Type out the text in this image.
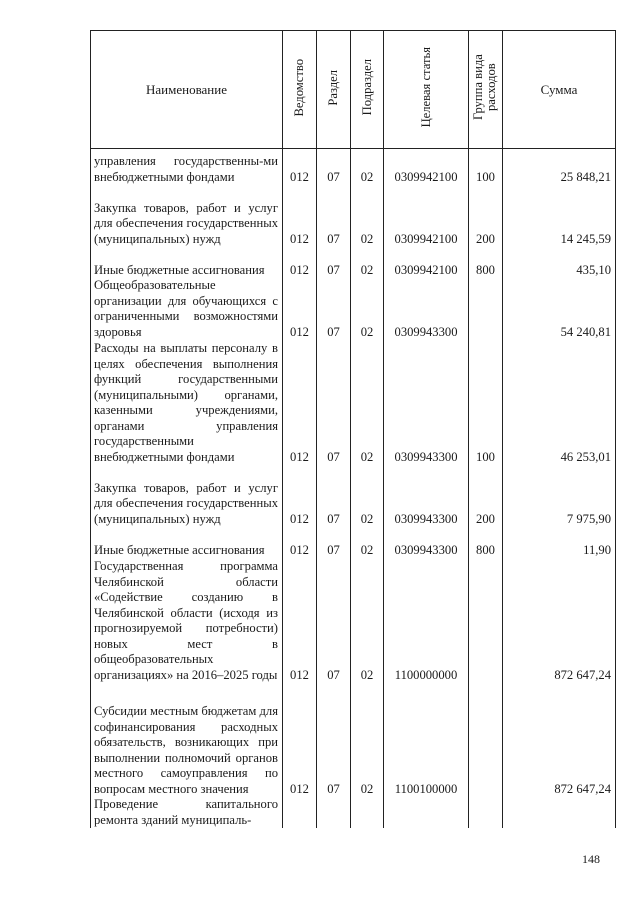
Наименование	Ведомство	Раздел	Подраздел	Целевая статья	Группа вида расходов	Сумма
управления государственны-ми внебюджетными фондами	012	07	02	0309942100	100	25 848,21
Закупка товаров, работ и услуг для обеспечения государственных (муниципальных) нужд	012	07	02	0309942100	200	14 245,59
Иные бюджетные ассигнования	012	07	02	0309942100	800	435,10
Общеобразовательные организации для обучающихся с ограниченными возможностями здоровья	012	07	02	0309943300		54 240,81
Расходы на выплаты персоналу в целях обеспечения выполнения функций государственными (муниципальными) органами, казенными учреждениями, органами управления государственными внебюджетными фондами	012	07	02	0309943300	100	46 253,01
Закупка товаров, работ и услуг для обеспечения государственных (муниципальных) нужд	012	07	02	0309943300	200	7 975,90
Иные бюджетные ассигнования	012	07	02	0309943300	800	11,90
Государственная программа Челябинской области «Содействие созданию в Челябинской области (исходя из прогнозируемой потребности) новых мест в общеобразовательных организациях» на 2016–2025 годы	012	07	02	1100000000		872 647,24
Субсидии местным бюджетам для софинансирования расходных обязательств, возникающих при выполнении полномочий органов местного самоуправления по вопросам местного значения	012	07	02	1100100000		872 647,24
Проведение капитального ремонта зданий муниципаль-						
148
